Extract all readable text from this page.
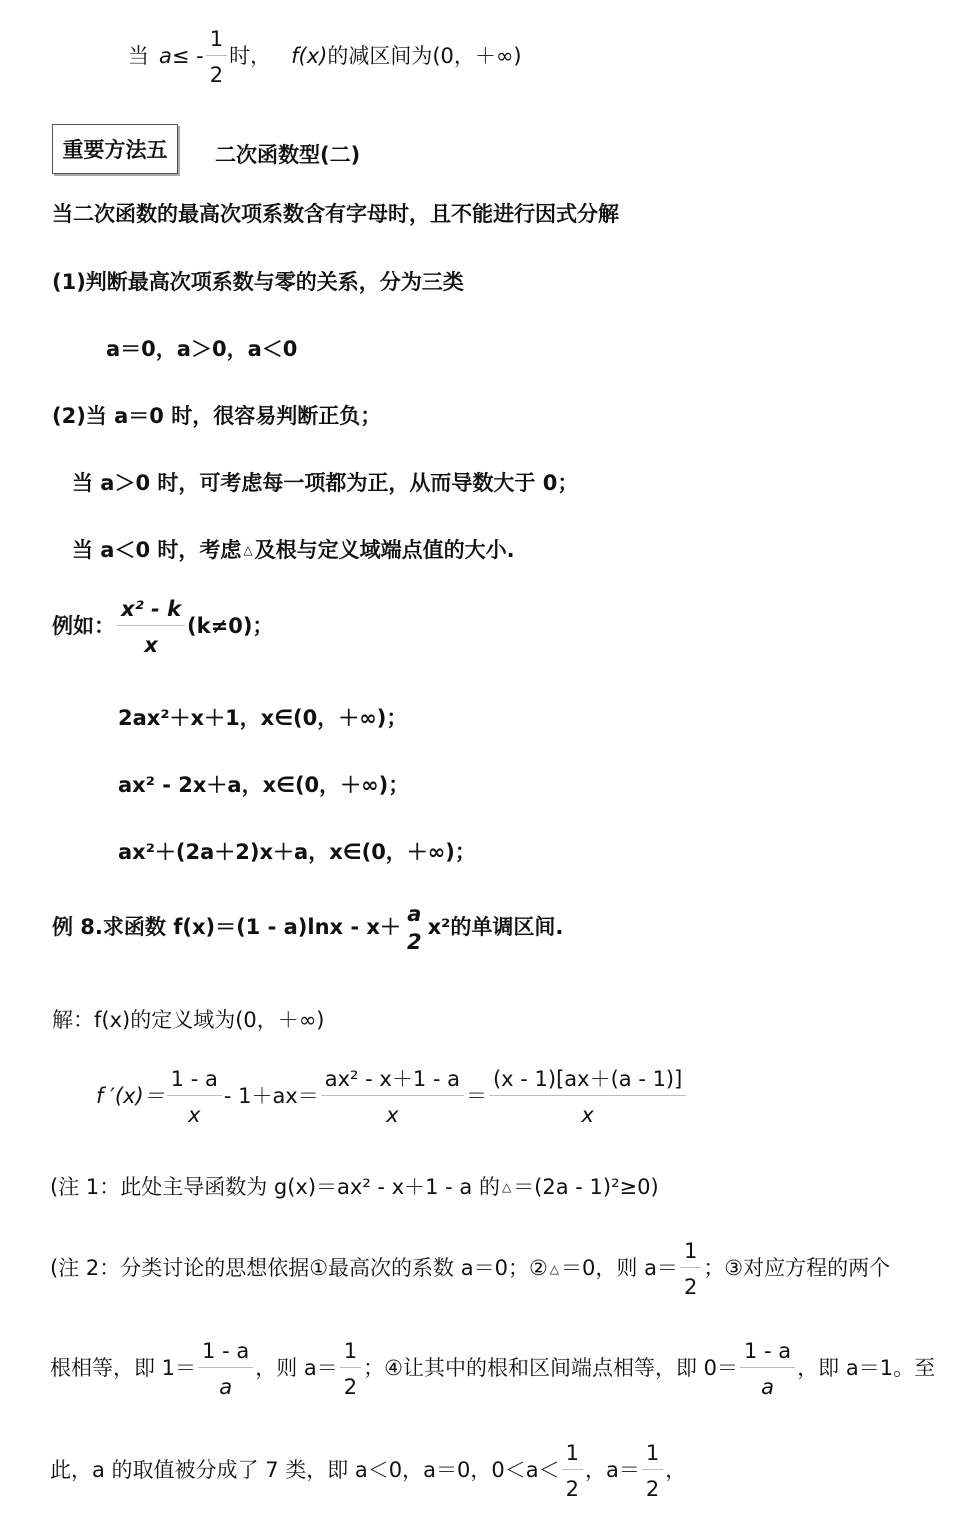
当 a ≤ - $\frac{1}{2}$ 时， f(x) 的减区间为(0，＋∞)
重要方法五	二次函数型(二)
当二次函数的最高次项系数含有字母时，且不能进行因式分解
(1)判断最高次项系数与零的关系，分为三类
a＝0，a＞0，a＜0
(2)当 a＝0 时，很容易判断正负；
当 a＞0 时，可考虑每一项都为正，从而导数大于 0；
当 a＜0 时，考虑 △ 及根与定义域端点值的大小.
例如： $\frac{\text{x² - k}}{x} (k\ne 0)$；
2ax²＋x＋1，x∈(0，＋∞)；
ax² - 2x＋a，x∈(0，＋∞)；
ax²＋(2a＋2)x＋a，x∈(0，＋∞)；
例 8.求函数 f(x)＝(1 - a)lnx - x＋
a
2
x²的单调区间.
解：f(x)的定义域为(0，＋∞)
f $'(x)= \frac{1 - a}{x} - 1+ax= \frac{\text{ax² - x＋1 - a}}{x} = \frac{(x - 1)[ax+(a - 1)]}{x}$
(注 1：此处主导函数为 g(x)＝ax² - x＋1 - a 的 △ ＝(2a - 1)²≥0)
(注 2：分类讨论的思想依据①最高次的系数 a＝0；② △ ＝0，则 $a= \frac{1}{2}$ ；③对应方程的两个
根相等，即 $1= \frac{1 - a}{a}$ ，则 $a= \frac{1}{2}$ ；④让其中的根和区间端点相等，即 $0= \frac{1 - a}{a}$ ，即 a＝1。至
此，a 的取值被分成了 7 类，即 a＜0，a＝0，$0<a< \frac{1}{2}$ ，$a= \frac{1}{2}$ ，
